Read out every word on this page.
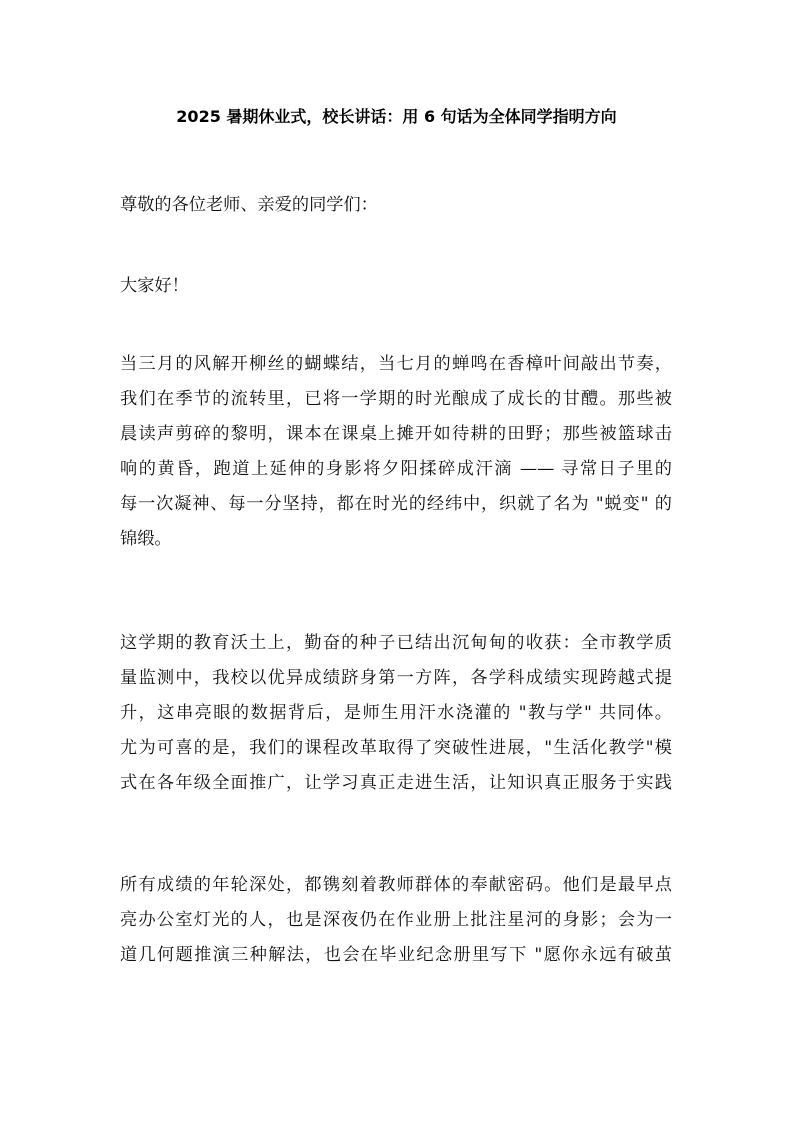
2025 暑期休业式，校长讲话：用 6 句话为全体同学指明方向
尊敬的各位老师、亲爱的同学们：
大家好！
当三月的风解开柳丝的蝴蝶结，当七月的蝉鸣在香樟叶间敲出节奏，
我们在季节的流转里，已将一学期的时光酿成了成长的甘醴。那些被
晨读声剪碎的黎明，课本在课桌上摊开如待耕的田野；那些被篮球击
响的黄昏，跑道上延伸的身影将夕阳揉碎成汗滴 —— 寻常日子里的
每一次凝神、每一分坚持，都在时光的经纬中，织就了名为 "蜕变" 的
锦缎。
这学期的教育沃土上，勤奋的种子已结出沉甸甸的收获：全市教学质
量监测中，我校以优异成绩跻身第一方阵，各学科成绩实现跨越式提
升，这串亮眼的数据背后，是师生用汗水浇灌的 "教与学" 共同体。
尤为可喜的是，我们的课程改革取得了突破性进展，"生活化教学"模
式在各年级全面推广，让学习真正走进生活，让知识真正服务于实践
所有成绩的年轮深处，都镌刻着教师群体的奉献密码。他们是最早点
亮办公室灯光的人，也是深夜仍在作业册上批注星河的身影；会为一
道几何题推演三种解法，也会在毕业纪念册里写下 "愿你永远有破茧
